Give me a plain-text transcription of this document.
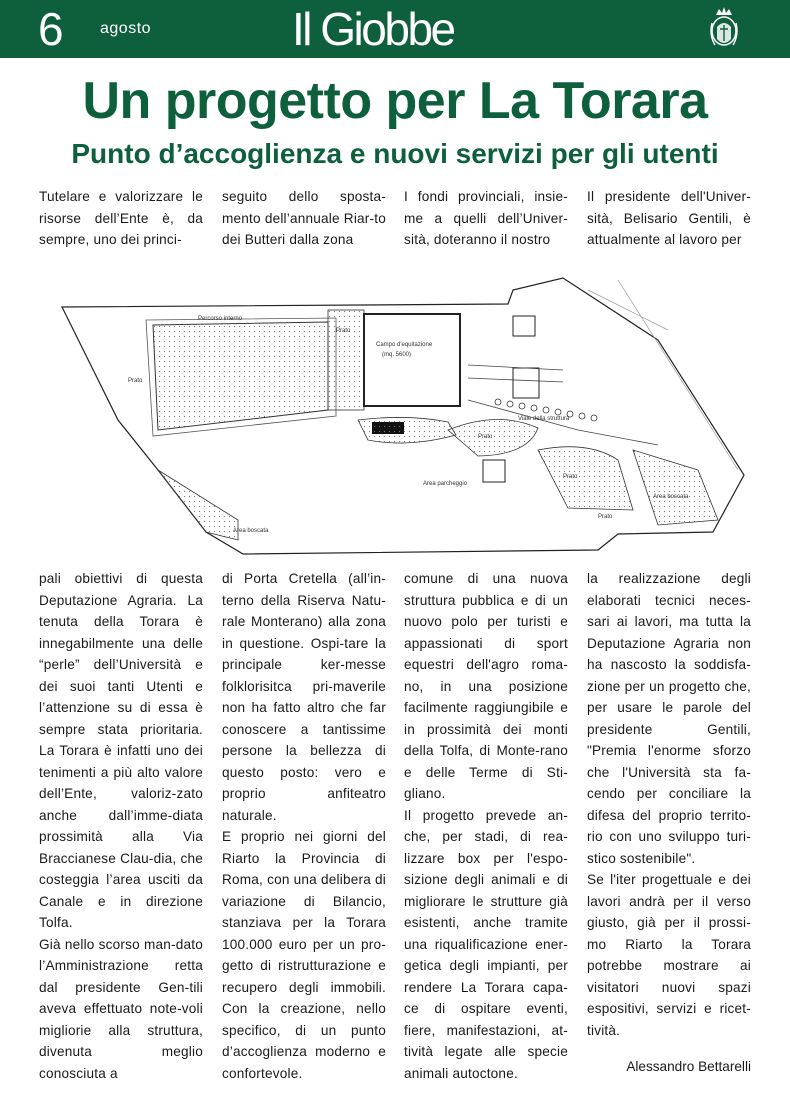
6 agosto	Il Giobbe
Un progetto per La Torara
Punto d’accoglienza e nuovi servizi per gli utenti
Tutelare e valorizzare le risorse dell’Ente è, da sempre, uno dei princi-
seguito dello sposta-mento dell’annuale Riar-to dei Butteri dalla zona
I fondi provinciali, insie-me a quelli dell’Univer-sità, doteranno il nostro
Il presidente dell'Univer-sità, Belisario Gentili, è attualmente al lavoro per
Percorso interno
Prato
Prato
Prato
Prato
Prato
Campo d'equitazione
(mq. 5600)
Viale della struttura
Area parcheggio
Area boscata
Area boscata

pali obiettivi di questa Deputazione Agraria. La tenuta della Torara è innegabilmente una delle “perle” dell’Università e dei suoi tanti Utenti e l’attenzione su di essa è sempre stata prioritaria. La Torara è infatti uno dei tenimenti a più alto valore dell’Ente, valoriz-zato anche dall’imme-diata prossimità alla Via Braccianese Clau-dia, che costeggia l’area usciti da Canale e in direzione Tolfa.

Già nello scorso man-dato l’Amministrazione retta dal presidente Gen-tili aveva effettuato note-voli migliorie alla struttura, divenuta meglio conosciuta a

di Porta Cretella (all’in-terno della Riserva Natu-rale Monterano) alla zona in questione. Ospi-tare la principale ker-messe folklorisitca pri-maverile non ha fatto altro che far conoscere a tantissime persone la bellezza di questo posto: vero e proprio anfiteatro naturale.

E proprio nei giorni del Riarto la Provincia di Roma, con una delibera di variazione di Bilancio, stanziava per la Torara 100.000 euro per un pro-getto di ristrutturazione e recupero degli immobili. Con la creazione, nello specifico, di un punto d’accoglienza moderno e confortevole.

comune di una nuova struttura pubblica e di un nuovo polo per turisti e appassionati di sport equestri dell'agro roma-no, in una posizione facilmente raggiungibile e in prossimità dei monti della Tolfa, di Monte-rano e delle Terme di Sti-gliano.

Il progetto prevede an-che, per stadi, di rea-lizzare box per l'espo-sizione degli animali e di migliorare le strutture già esistenti, anche tramite una riqualificazione ener-getica degli impianti, per rendere La Torara capa-ce di ospitare eventi, fiere, manifestazioni, at-tività legate alle specie animali autoctone.

la realizzazione degli elaborati tecnici neces-sari ai lavori, ma tutta la Deputazione Agraria non ha nascosto la soddisfa-zione per un progetto che, per usare le parole del presidente Gentili, "Premia l'enorme sforzo che l'Università sta fa-cendo per conciliare la difesa del proprio territo-rio con uno sviluppo turi-stico sostenibile".

Se l'iter progettuale e dei lavori andrà per il verso giusto, già per il prossi-mo Riarto la Torara potrebbe mostrare ai visitatori nuovi spazi espositivi, servizi e ricet-tività.

Alessandro Bettarelli
